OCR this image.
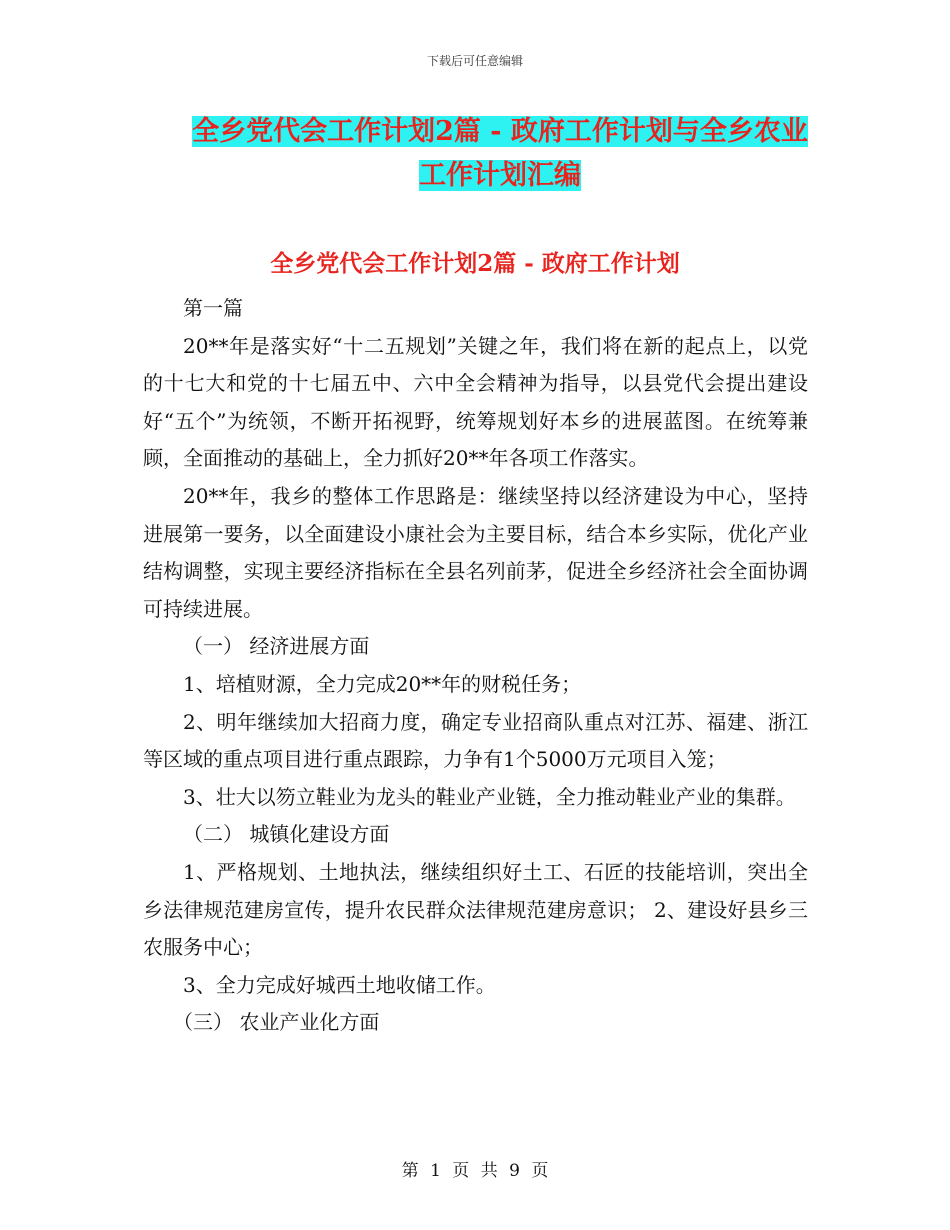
下载后可任意编辑
全乡党代会工作计划2篇 - 政府工作计划与全乡农业
工作计划汇编
全乡党代会工作计划2篇 - 政府工作计划

第一篇

20**年是落实好“十二五规划”关键之年，我们将在新的起点上，以党的十七大和党的十七届五中、六中全会精神为指导，以县党代会提出建设好“五个”为统领，不断开拓视野，统筹规划好本乡的进展蓝图。在统筹兼顾，全面推动的基础上，全力抓好20**年各项工作落实。

20**年，我乡的整体工作思路是：继续坚持以经济建设为中心，坚持进展第一要务，以全面建设小康社会为主要目标，结合本乡实际，优化产业结构调整，实现主要经济指标在全县名列前茅，促进全乡经济社会全面协调可持续进展。

（一） 经济进展方面

1、培植财源，全力完成20**年的财税任务；

2、明年继续加大招商力度，确定专业招商队重点对江苏、福建、浙江等区域的重点项目进行重点跟踪，力争有1个5000万元项目入笼；

3、壮大以笏立鞋业为龙头的鞋业产业链，全力推动鞋业产业的集群。

（二） 城镇化建设方面

1、严格规划、土地执法，继续组织好土工、石匠的技能培训，突出全乡法律规范建房宣传，提升农民群众法律规范建房意识； 2、建设好县乡三农服务中心；

3、全力完成好城西土地收储工作。

（三） 农业产业化方面

第 1 页 共 9 页
